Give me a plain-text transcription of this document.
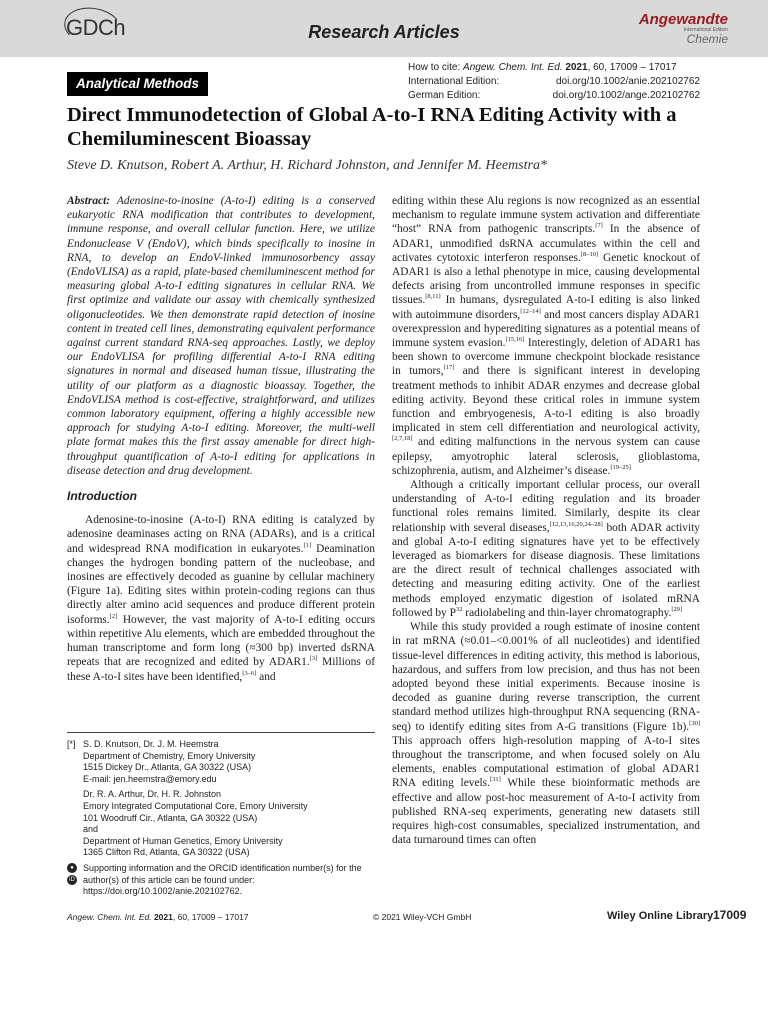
GDCh	Research Articles
Angewandte
International Edition
Chemie
Analytical Methods
How to cite: Angew. Chem. Int. Ed. 2021, 60, 17009 – 17017
International Edition:	doi.org/10.1002/anie.202102762
German Edition:	doi.org/10.1002/ange.202102762
Direct Immunodetection of Global A-to-I RNA Editing Activity with a Chemiluminescent Bioassay
Steve D. Knutson, Robert A. Arthur, H. Richard Johnston, and Jennifer M. Heemstra*

Abstract: Adenosine-to-inosine (A-to-I) editing is a conserved eukaryotic RNA modification that contributes to development, immune response, and overall cellular function. Here, we utilize Endonuclease V (EndoV), which binds specifically to inosine in RNA, to develop an EndoV-linked immunosorbency assay (EndoVLISA) as a rapid, plate-based chemiluminescent method for measuring global A-to-I editing signatures in cellular RNA. We first optimize and validate our assay with chemically synthesized oligonucleotides. We then demonstrate rapid detection of inosine content in treated cell lines, demonstrating equivalent performance against current standard RNA-seq approaches. Lastly, we deploy our EndoVLISA for profiling differential A-to-I RNA editing signatures in normal and diseased human tissue, illustrating the utility of our platform as a diagnostic bioassay. Together, the EndoVLISA method is cost-effective, straightforward, and utilizes common laboratory equipment, offering a highly accessible new approach for studying A-to-I editing. Moreover, the multi-well plate format makes this the first assay amenable for direct high-throughput quantification of A-to-I editing for applications in disease detection and drug development.

Introduction

Adenosine-to-inosine (A-to-I) RNA editing is catalyzed by adenosine deaminases acting on RNA (ADARs), and is a critical and widespread RNA modification in eukaryotes.[1] Deamination changes the hydrogen bonding pattern of the nucleobase, and inosines are effectively decoded as guanine by cellular machinery (Figure 1a). Editing sites within protein-coding regions can thus directly alter amino acid sequences and produce different protein isoforms.[2] However, the vast majority of A-to-I editing occurs within repetitive Alu elements, which are embedded throughout the human transcriptome and form long (≈300 bp) inverted dsRNA repeats that are recognized and edited by ADAR1.[3] Millions of these A-to-I sites have been identified,[3–6] and

editing within these Alu regions is now recognized as an essential mechanism to regulate immune system activation and differentiate “host” RNA from pathogenic transcripts.[7] In the absence of ADAR1, unmodified dsRNA accumulates within the cell and activates cytotoxic interferon responses.[8–10] Genetic knockout of ADAR1 is also a lethal phenotype in mice, causing developmental defects arising from uncontrolled immune responses in specific tissues.[8,11] In humans, dysregulated A-to-I editing is also linked with autoimmune disorders,[12–14] and most cancers display ADAR1 overexpression and hyperediting signatures as a potential means of immune system evasion.[15,16] Interestingly, deletion of ADAR1 has been shown to overcome immune checkpoint blockade resistance in tumors,[17] and there is significant interest in developing treatment methods to inhibit ADAR enzymes and decrease global editing activity. Beyond these critical roles in immune system function and embryogenesis, A-to-I editing is also broadly implicated in stem cell differentiation and neurological activity,[2,7,18] and editing malfunctions in the nervous system can cause epilepsy, amyotrophic lateral sclerosis, glioblastoma, schizophrenia, autism, and Alzheimer’s disease.[19–25]

Although a critically important cellular process, our overall understanding of A-to-I editing regulation and its broader functional roles remains limited. Similarly, despite its clear relationship with several diseases,[12,13,16,20,24–28] both ADAR activity and global A-to-I editing signatures have yet to be effectively leveraged as biomarkers for disease diagnosis. These limitations are the direct result of technical challenges associated with detecting and measuring editing activity. One of the earliest methods employed enzymatic digestion of isolated mRNA followed by $P^{32}$ radiolabeling and thin-layer chromatography.[29]

While this study provided a rough estimate of inosine content in rat mRNA (≈0.01–<0.001% of all nucleotides) and identified tissue-level differences in editing activity, this method is laborious, hazardous, and suffers from low precision, and thus has not been adopted beyond these initial experiments. Because inosine is decoded as guanine during reverse transcription, the current standard method utilizes high-throughput RNA sequencing (RNA-seq) to identify editing sites from A-G transitions (Figure 1b).[30] This approach offers high-resolution mapping of A-to-I sites throughout the transcriptome, and when focused solely on Alu elements, enables computational estimation of global ADAR1 RNA editing levels.[31] While these bioinformatic methods are effective and allow post-hoc measurement of A-to-I activity from published RNA-seq experiments, generating new datasets still requires high-cost consumables, specialized instrumentation, and data turnaround times can often

[*] S. D. Knutson, Dr. J. M. Heemstra
Department of Chemistry, Emory University
1515 Dickey Dr., Atlanta, GA 30322 (USA)
E-mail: jen.heemstra@emory.edu
Dr. R. A. Arthur, Dr. H. R. Johnston
Emory Integrated Computational Core, Emory University
101 Woodruff Cir., Atlanta, GA 30322 (USA)
and
Department of Human Genetics, Emory University
1365 Clifton Rd, Atlanta, GA 30322 (USA)
●
iD
Supporting information and the ORCID identification number(s) for the author(s) of this article can be found under: https://doi.org/10.1002/anie.202102762.
Angew. Chem. Int. Ed. 2021, 60, 17009 – 17017	© 2021 Wiley-VCH GmbH	Wiley Online Library 17009
